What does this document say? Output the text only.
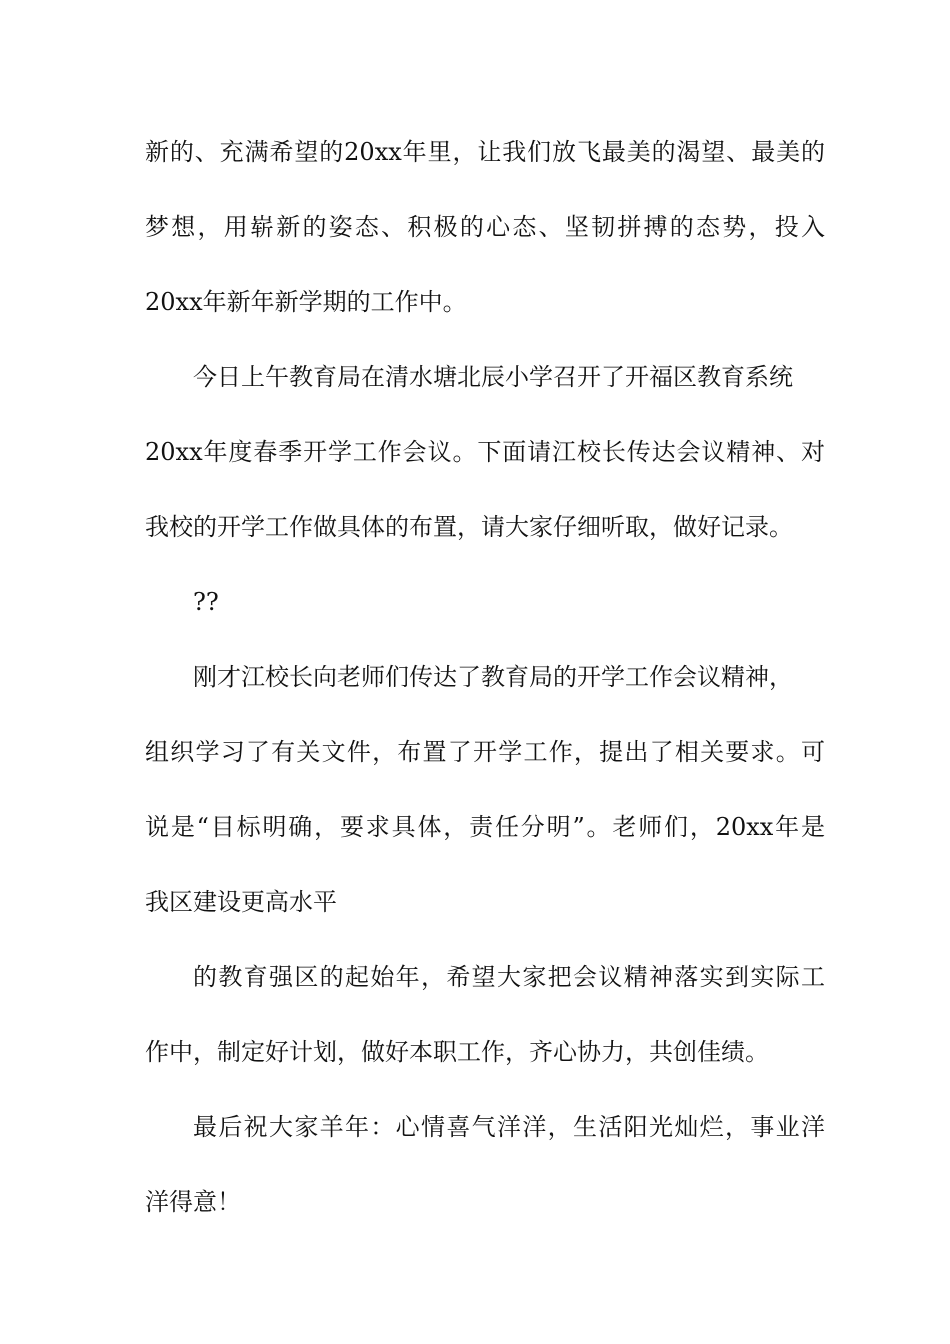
新的、充满希望的20xx年里，让我们放飞最美的渴望、最美的

梦想，用崭新的姿态、积极的心态、坚韧拼搏的态势，投入

20xx年新年新学期的工作中。

今日上午教育局在清水塘北辰小学召开了开福区教育系统

20xx年度春季开学工作会议。下面请江校长传达会议精神、对

我校的开学工作做具体的布置，请大家仔细听取，做好记录。

??

刚才江校长向老师们传达了教育局的开学工作会议精神，

组织学习了有关文件，布置了开学工作，提出了相关要求。可

说是“目标明确，要求具体，责任分明”。老师们，20xx年是

我区建设更高水平

的教育强区的起始年，希望大家把会议精神落实到实际工

作中，制定好计划，做好本职工作，齐心协力，共创佳绩。

最后祝大家羊年：心情喜气洋洋，生活阳光灿烂，事业洋

洋得意！
